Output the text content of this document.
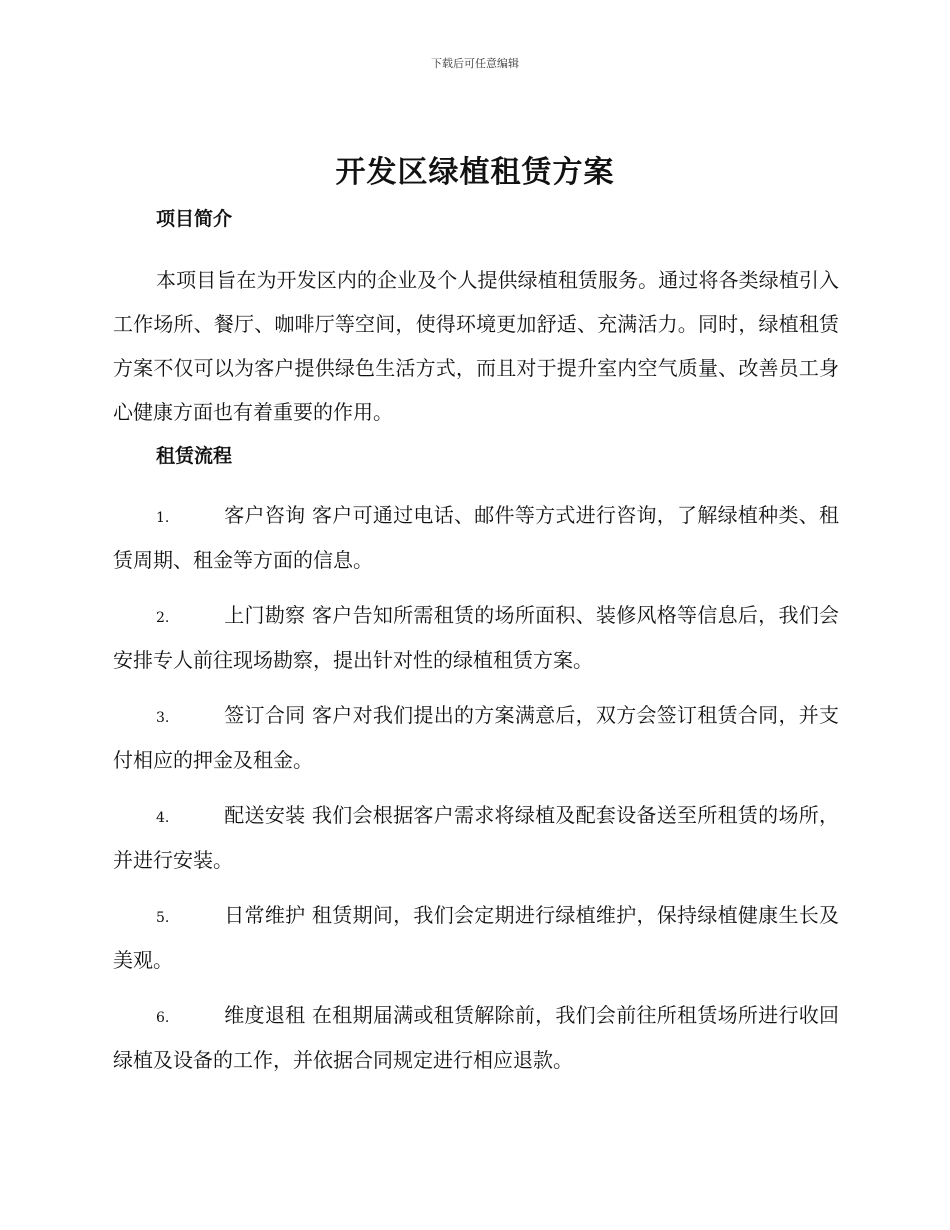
下载后可任意编辑
开发区绿植租赁方案
项目简介

本项目旨在为开发区内的企业及个人提供绿植租赁服务。通过将各类绿植引入工作场所、餐厅、咖啡厅等空间，使得环境更加舒适、充满活力。同时，绿植租赁方案不仅可以为客户提供绿色生活方式，而且对于提升室内空气质量、改善员工身心健康方面也有着重要的作用。

租赁流程
1.	客户咨询 客户可通过电话、邮件等方式进行咨询，了解绿植种类、租赁周期、租金等方面的信息。
2.	上门勘察 客户告知所需租赁的场所面积、装修风格等信息后，我们会安排专人前往现场勘察，提出针对性的绿植租赁方案。
3.	签订合同 客户对我们提出的方案满意后，双方会签订租赁合同，并支付相应的押金及租金。
4.	配送安装 我们会根据客户需求将绿植及配套设备送至所租赁的场所，并进行安装。
5.	日常维护 租赁期间，我们会定期进行绿植维护，保持绿植健康生长及美观。
6.	维度退租 在租期届满或租赁解除前，我们会前往所租赁场所进行收回绿植及设备的工作，并依据合同规定进行相应退款。
